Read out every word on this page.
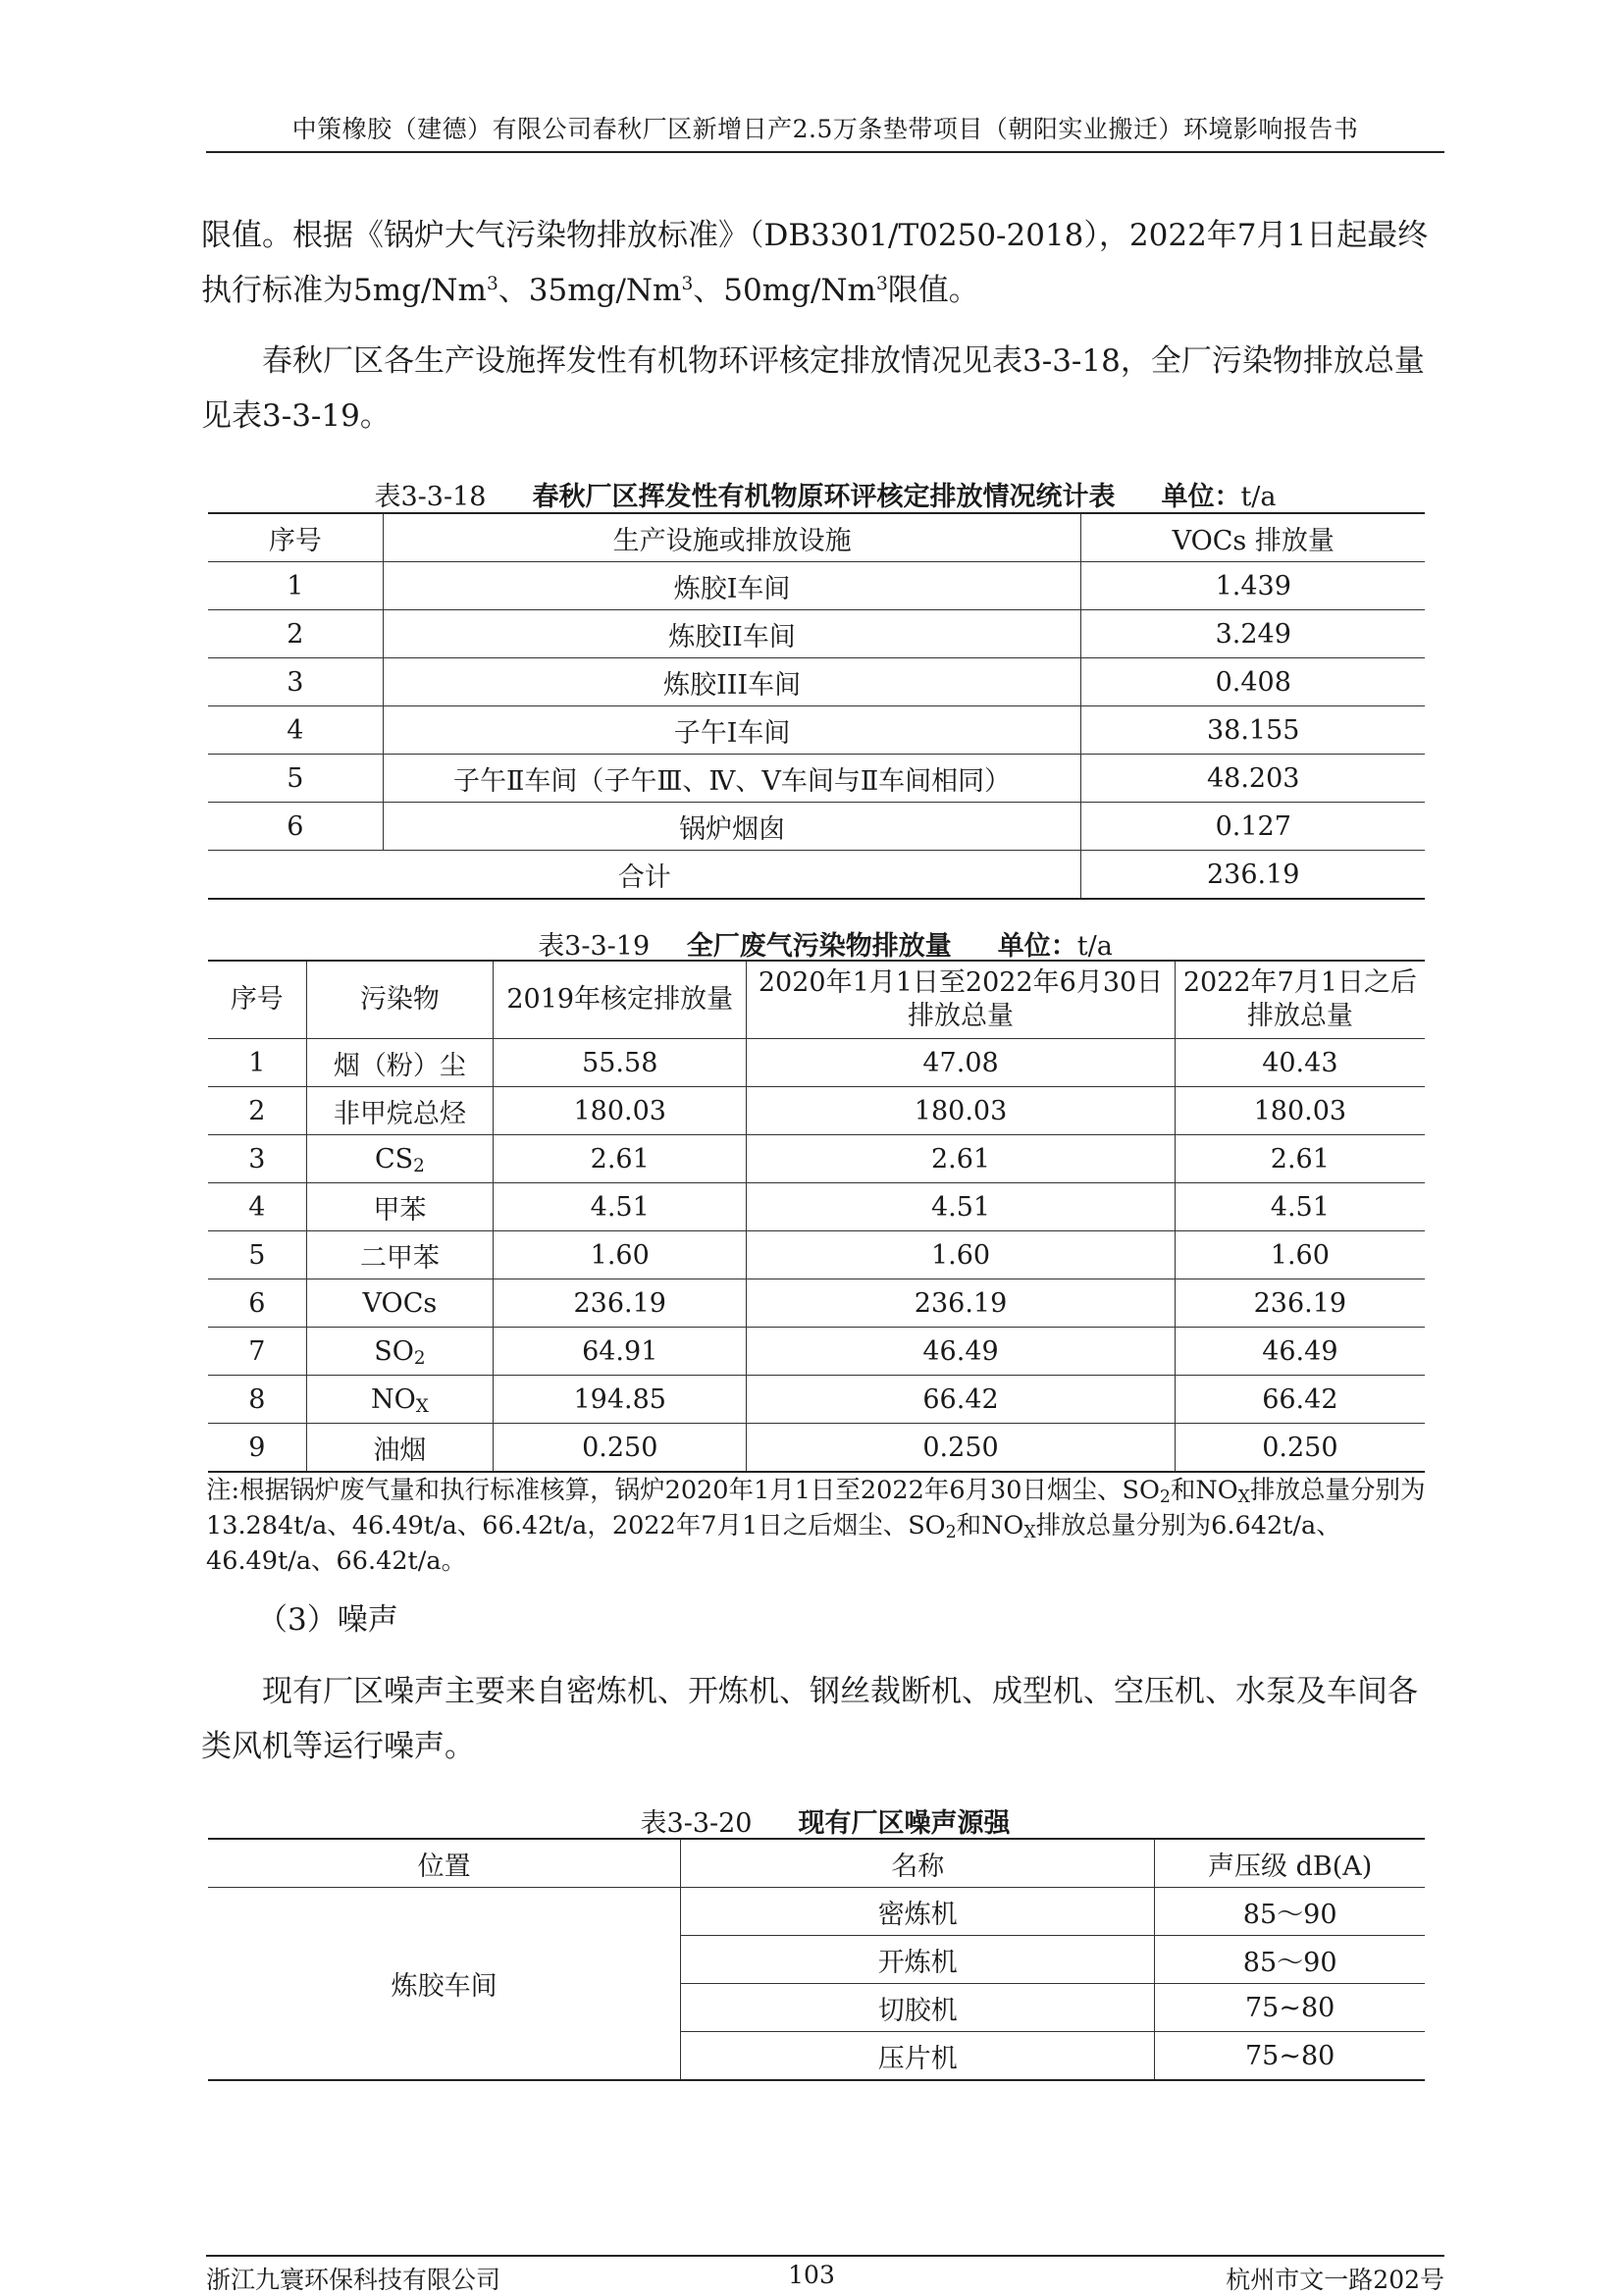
中策橡胶（建德）有限公司春秋厂区新增日产2.5万条垫带项目（朝阳实业搬迁）环境影响报告书
限值。根据《锅炉大气污染物排放标准》（DB3301/T0250-2018），2022年7月1日起最终执行标准为5mg/Nm$^3$、35mg/Nm$^3$、50mg/Nm$^3$限值。
春秋厂区各生产设施挥发性有机物环评核定排放情况见表3-3-18，全厂污染物排放总量见表3-3-19。
表3-3-18 春秋厂区挥发性有机物原环评核定排放情况统计表 单位：t/a
序号	生产设施或排放设施	VOCs 排放量
1	炼胶I车间	1.439
2	炼胶II车间	3.249
3	炼胶III车间	0.408
4	子午Ⅰ车间	38.155
5	子午Ⅱ车间（子午Ⅲ、Ⅳ、Ⅴ车间与Ⅱ车间相同）	48.203
6	锅炉烟囱	0.127
合计		236.19
表3-3-19 全厂废气污染物排放量 单位：t/a
序号	污染物	2019年核定排放量	2020年1月1日至2022年6月30日排放总量	2022年7月1日之后排放总量
1	烟（粉）尘	55.58	47.08	40.43
2	非甲烷总烃	180.03	180.03	180.03
3	$CS_2$	2.61	2.61	2.61
4	甲苯	4.51	4.51	4.51
5	二甲苯	1.60	1.60	1.60
6	VOCs	236.19	236.19	236.19
7	$SO_2$	64.91	46.49	46.49
8	$NO_X$	194.85	66.42	66.42
9	油烟	0.250	0.250	0.250
注:根据锅炉废气量和执行标准核算，锅炉2020年1月1日至2022年6月30日烟尘、$SO_2$和$NO_X$排放总量分别为13.284t/a、46.49t/a、66.42t/a，2022年7月1日之后烟尘、$SO_2$和$NO_X$排放总量分别为6.642t/a、46.49t/a、66.42t/a。
（3）噪声
现有厂区噪声主要来自密炼机、开炼机、钢丝裁断机、成型机、空压机、水泵及车间各类风机等运行噪声。
表3-3-20 现有厂区噪声源强
位置	名称	声压级 dB(A)
炼胶车间	密炼机	85～90
	开炼机	85～90
	切胶机	75~80
	压片机	75~80
103
浙江九寰环保科技有限公司	杭州市文一路202号
